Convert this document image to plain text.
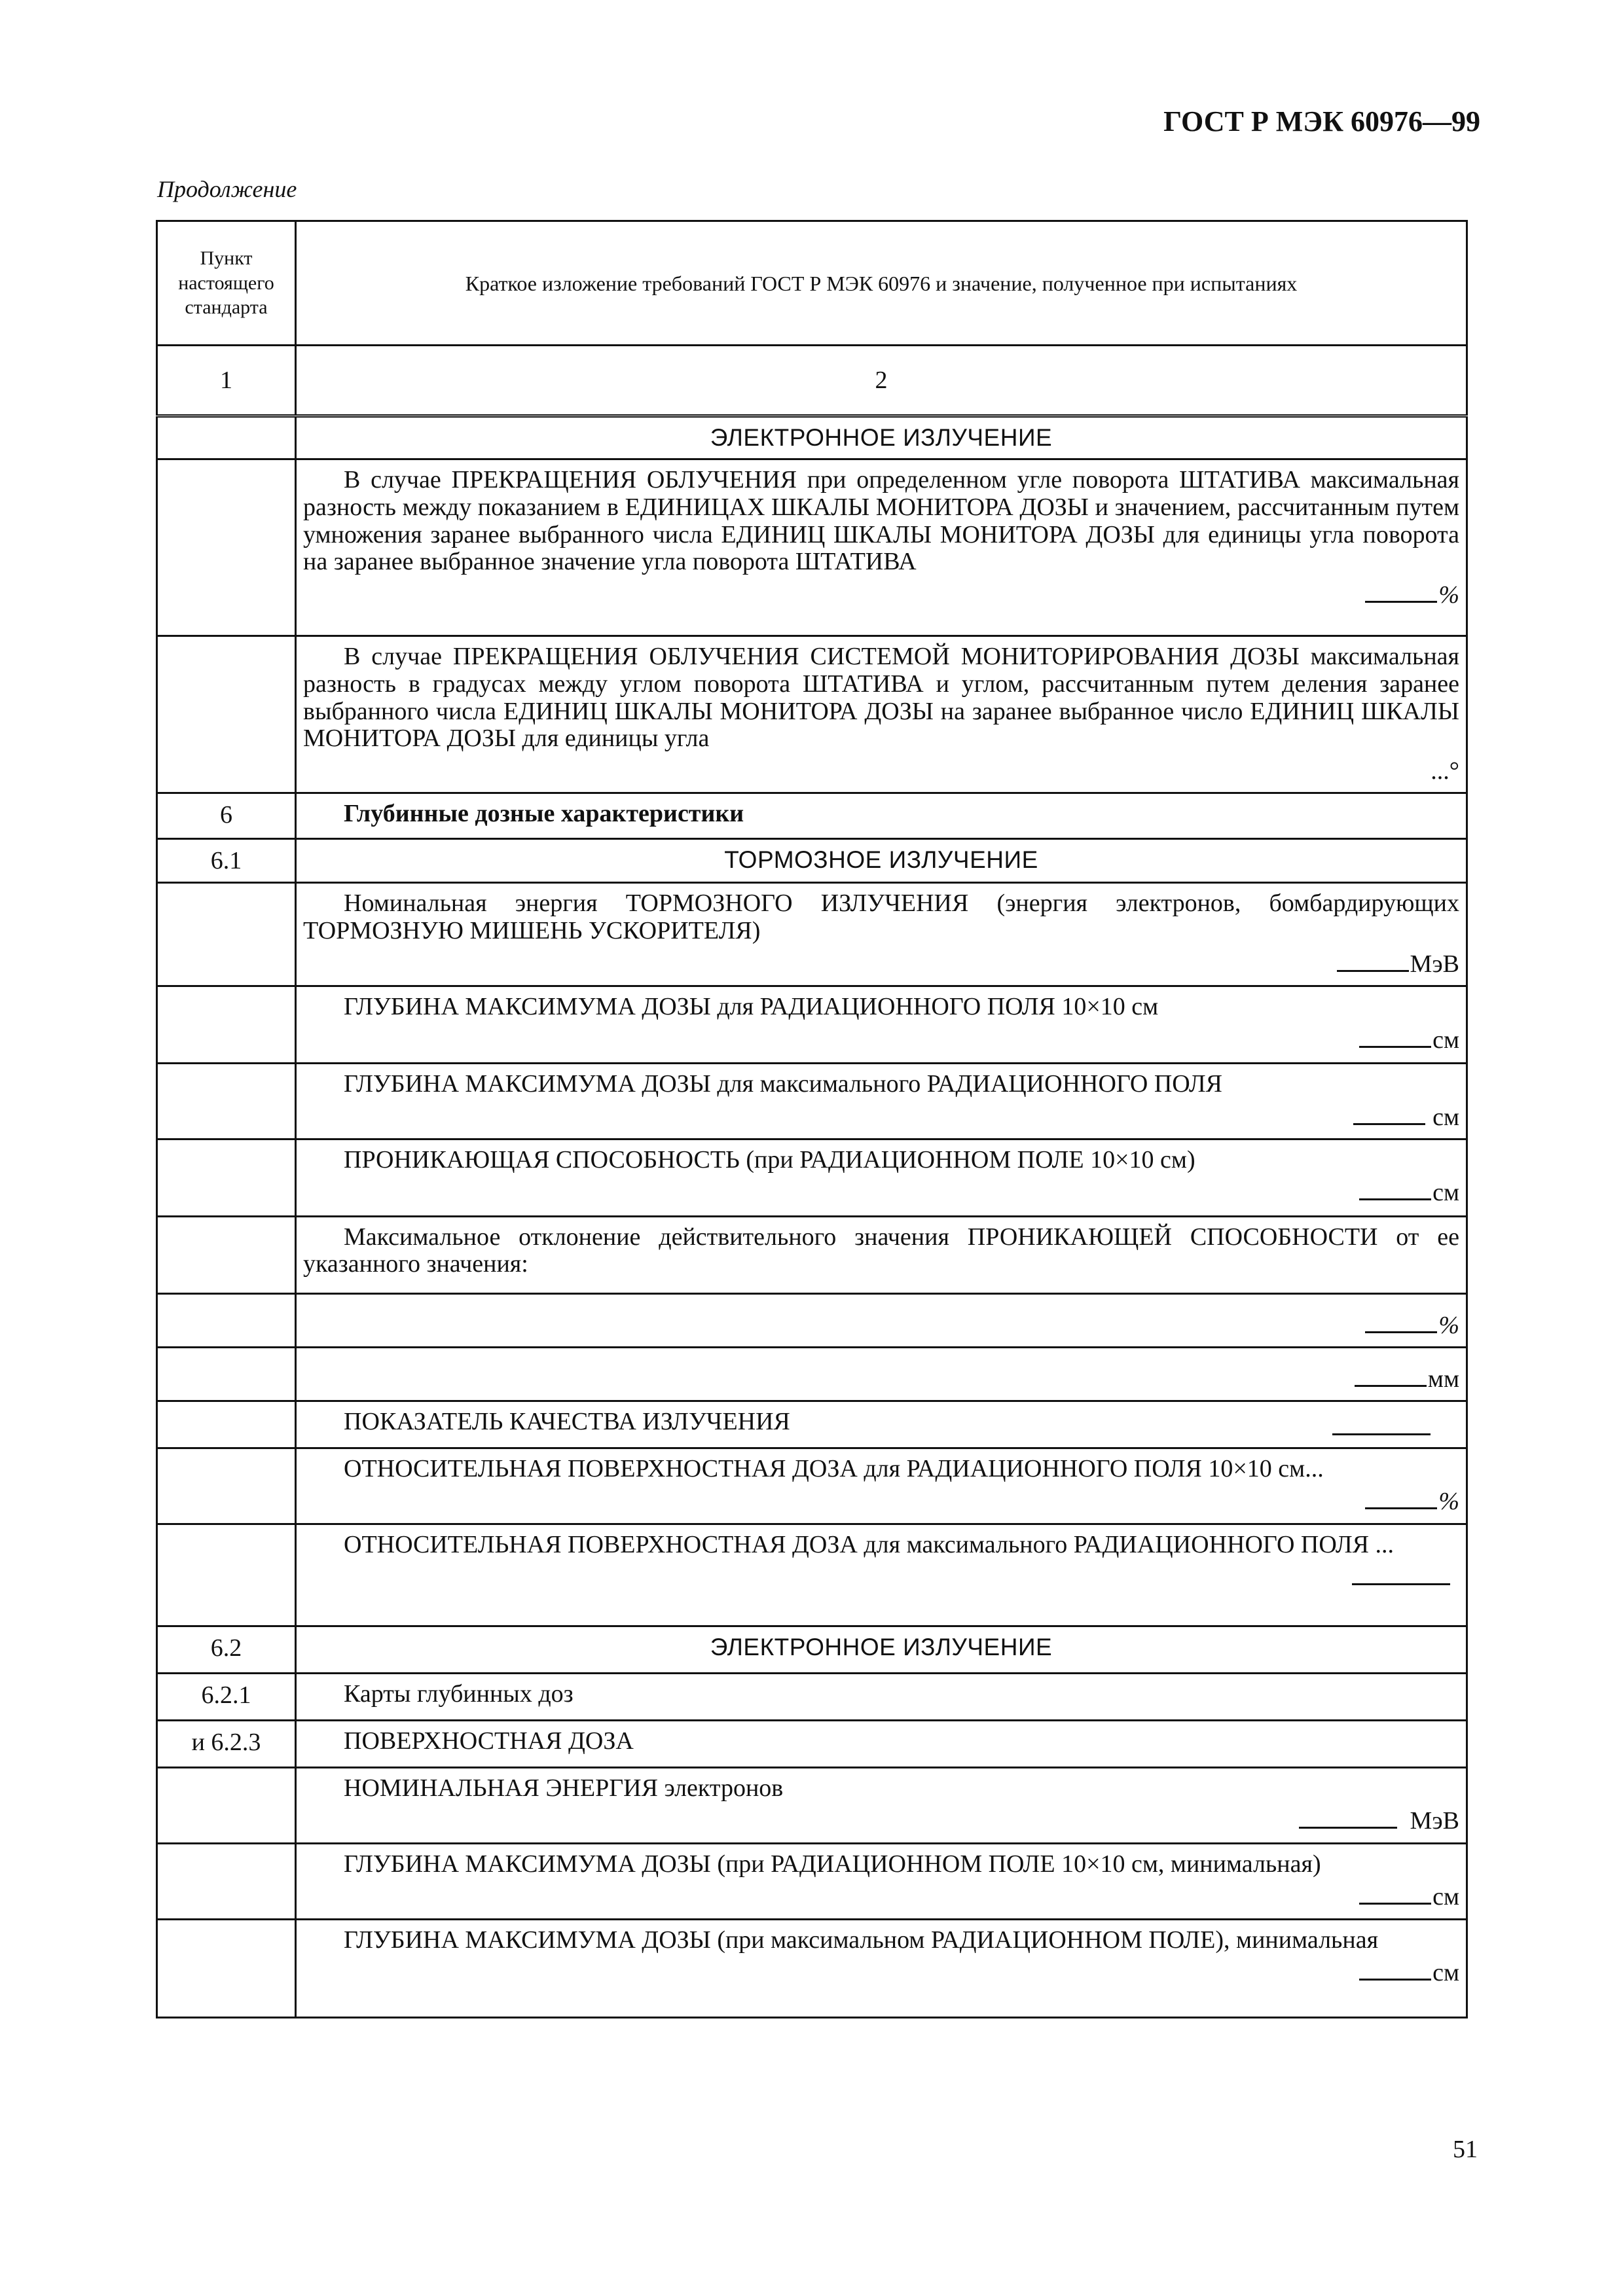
ГОСТ Р МЭК 60976—99
Продолжение
Пункт настоящего стандарта	Краткое изложение требований ГОСТ Р МЭК 60976 и значение, полученное при испытаниях
1	2
	ЭЛЕКТРОННОЕ ИЗЛУЧЕНИЕ

	В случае ПРЕКРАЩЕНИЯ ОБЛУЧЕНИЯ при определенном угле поворота ШТАТИВА максимальная разность между показанием в ЕДИНИЦАХ ШКАЛЫ МОНИТОРА ДОЗЫ и значением, рассчитанным путем умножения заранее выбранного числа ЕДИНИЦ ШКАЛЫ МОНИТОРА ДОЗЫ для единицы угла поворота на заранее выбранное значение угла поворота ШТАТИВА
%

	В случае ПРЕКРАЩЕНИЯ ОБЛУЧЕНИЯ СИСТЕМОЙ МОНИТОРИРОВАНИЯ ДОЗЫ максимальная разность в градусах между углом поворота ШТАТИВА и углом, рассчитанным путем деления заранее выбранного числа ЕДИНИЦ ШКАЛЫ МОНИТОРА ДОЗЫ на заранее выбранное число ЕДИНИЦ ШКАЛЫ МОНИТОРА ДОЗЫ для единицы угла
...°

6	Глубинные дозные характеристики
6.1	ТОРМОЗНОЕ ИЗЛУЧЕНИЕ

	Номинальная энергия ТОРМОЗНОГО ИЗЛУЧЕНИЯ (энергия электронов, бомбардирующих ТОРМОЗНУЮ МИШЕНЬ УСКОРИТЕЛЯ)
МэВ

	ГЛУБИНА МАКСИМУМА ДОЗЫ для РАДИАЦИОННОГО ПОЛЯ 10×10 см
см

	ГЛУБИНА МАКСИМУМА ДОЗЫ для максимального РАДИАЦИОННОГО ПОЛЯ
см

	ПРОНИКАЮЩАЯ СПОСОБНОСТЬ (при РАДИАЦИОННОМ ПОЛЕ 10×10 см)
см

	Максимальное отклонение действительного значения ПРОНИКАЮЩЕЙ СПОСОБНОСТИ от ее указанного значения:

	%

	мм

	ПОКАЗАТЕЛЬ КАЧЕСТВА ИЗЛУЧЕНИЯ

	ОТНОСИТЕЛЬНАЯ ПОВЕРХНОСТНАЯ ДОЗА для РАДИАЦИОННОГО ПОЛЯ 10×10 см...
%

	ОТНОСИТЕЛЬНАЯ ПОВЕРХНОСТНАЯ ДОЗА для максимального РАДИАЦИОННОГО ПОЛЯ ...

6.2	ЭЛЕКТРОННОЕ ИЗЛУЧЕНИЕ
6.2.1	Карты глубинных доз
и 6.2.3	ПОВЕРХНОСТНАЯ ДОЗА

	НОМИНАЛЬНАЯ ЭНЕРГИЯ электронов
МэВ

	ГЛУБИНА МАКСИМУМА ДОЗЫ (при РАДИАЦИОННОМ ПОЛЕ 10×10 см, минимальная)
см

	ГЛУБИНА МАКСИМУМА ДОЗЫ (при максимальном РАДИАЦИОННОМ ПОЛЕ), минимальная
см
51
